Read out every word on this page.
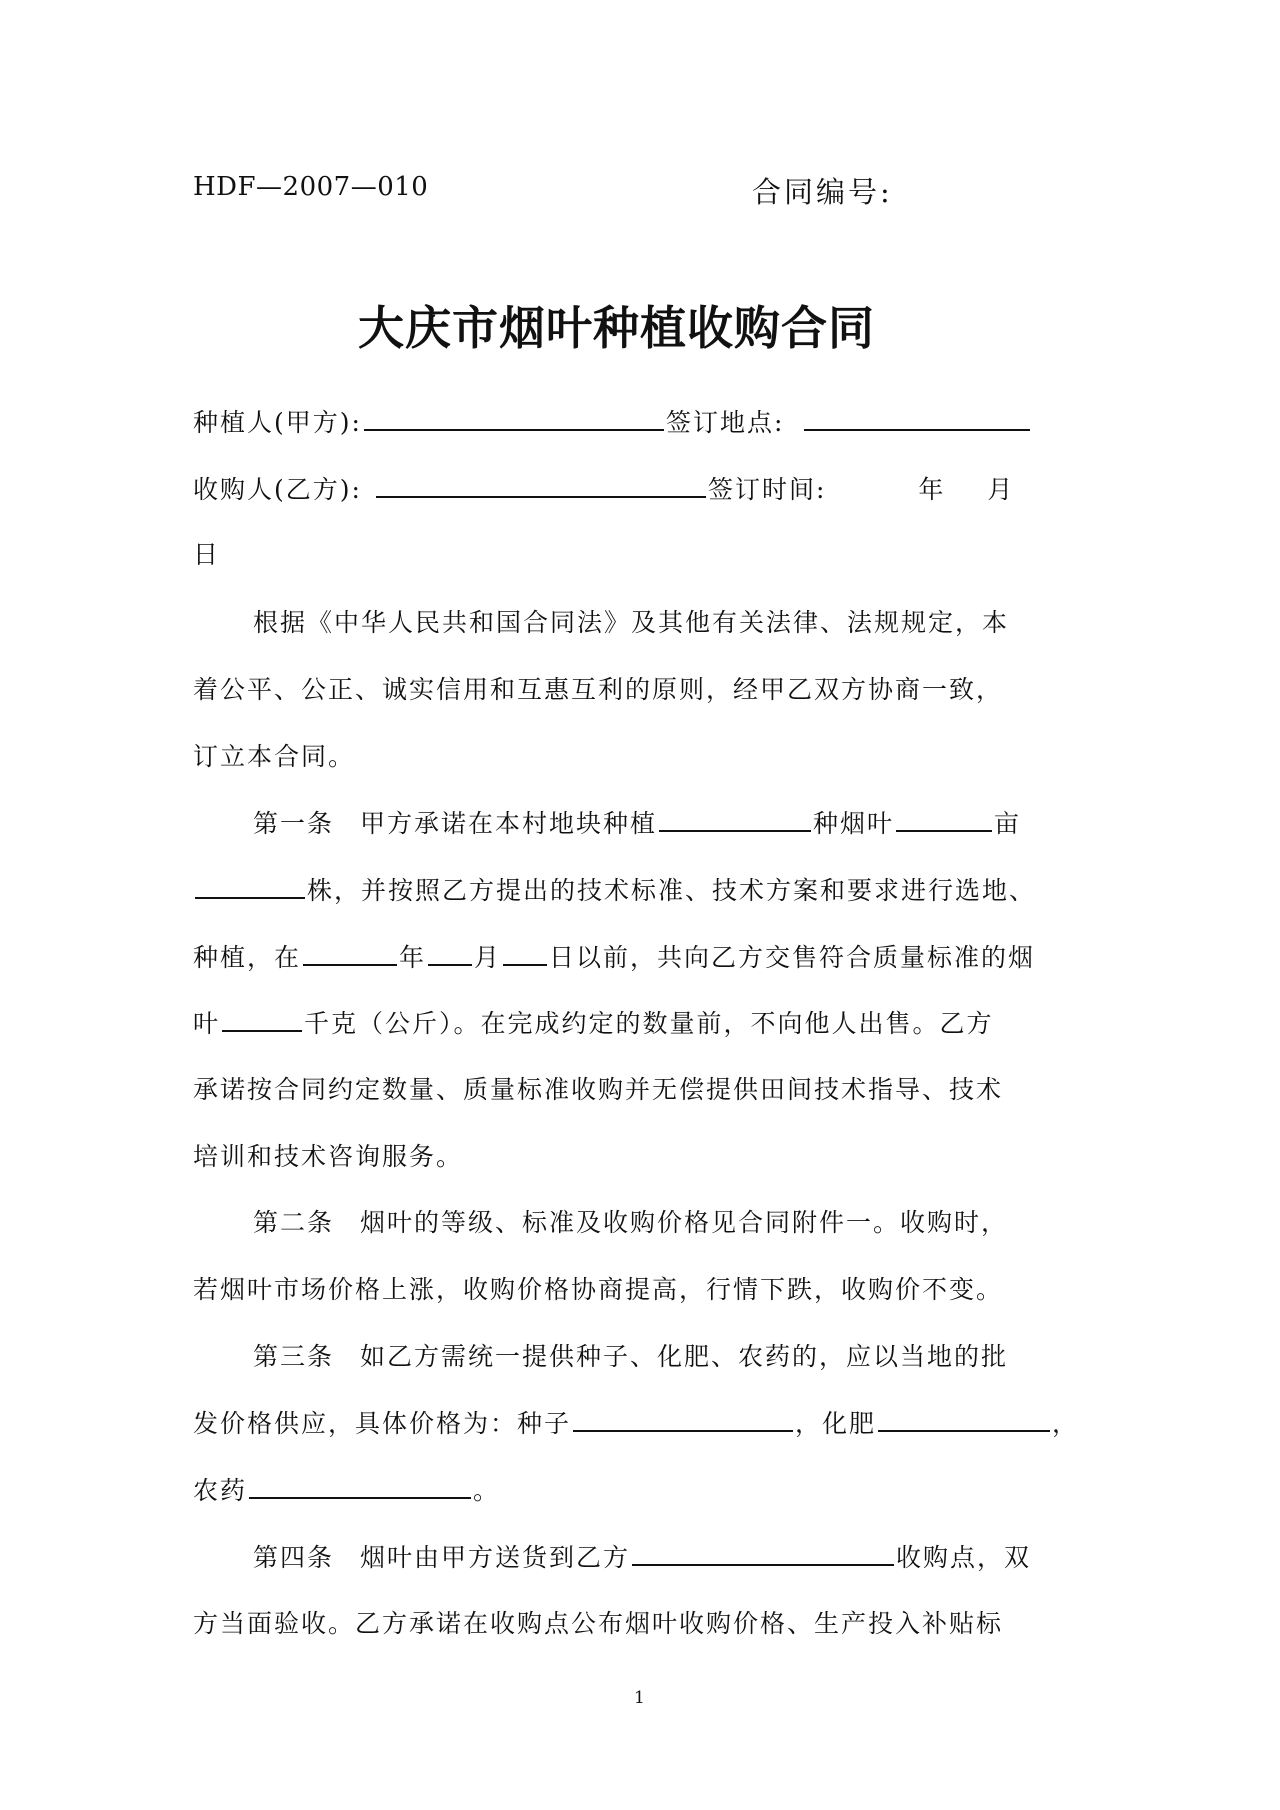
HDF—2007—010	合同编号:
大庆市烟叶种植收购合同
种植人(甲方):	签订地点:
收购人(乙方):	签订时间:	年 月
日
根据《中华人民共和国合同法》及其他有关法律、法规规定，本
着公平、公正、诚实信用和互惠互利的原则，经甲乙双方协商一致，
订立本合同。
第一条 甲方承诺在本村地块种植	种烟叶	亩
株，并按照乙方提出的技术标准、技术方案和要求进行选地、
种植，在	年 月 日以前，共向乙方交售符合质量标准的烟
叶	千克（公斤）。在完成约定的数量前，不向他人出售。乙方
承诺按合同约定数量、质量标准收购并无偿提供田间技术指导、技术
培训和技术咨询服务。
第二条 烟叶的等级、标准及收购价格见合同附件一。收购时，
若烟叶市场价格上涨，收购价格协商提高，行情下跌，收购价不变。
第三条 如乙方需统一提供种子、化肥、农药的，应以当地的批
发价格供应，具体价格为：种子	，化肥	，
农药	。
第四条 烟叶由甲方送货到乙方	收购点，双
方当面验收。乙方承诺在收购点公布烟叶收购价格、生产投入补贴标
1
